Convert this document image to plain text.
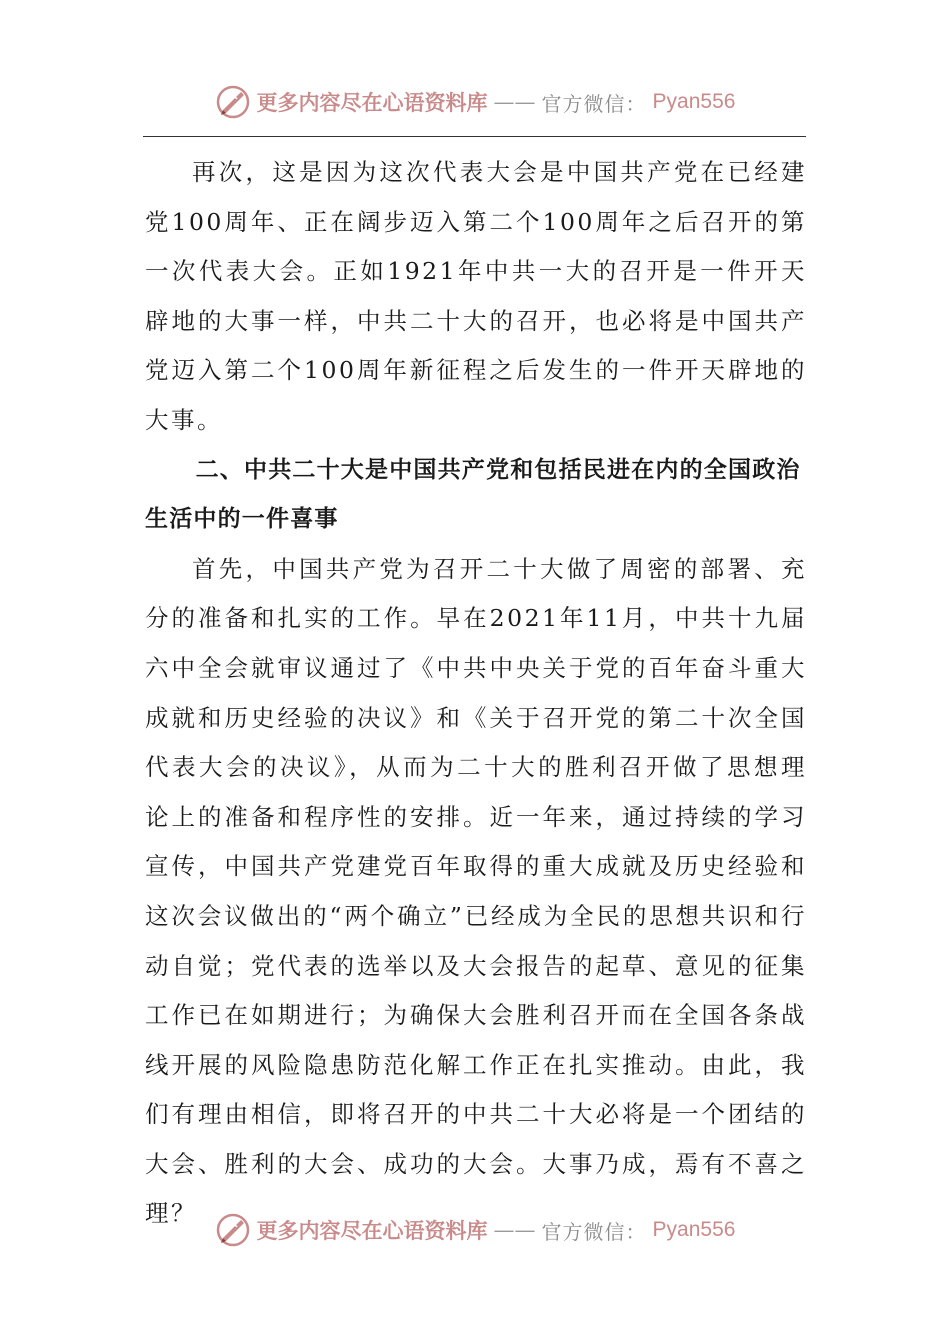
更多内容尽在心语资料库 —— 官方微信： Pyan556

再次，这是因为这次代表大会是中国共产党在已经建党100周年、正在阔步迈入第二个100周年之后召开的第一次代表大会。正如1921年中共一大的召开是一件开天辟地的大事一样，中共二十大的召开，也必将是中国共产党迈入第二个100周年新征程之后发生的一件开天辟地的大事。

二、中共二十大是中国共产党和包括民进在内的全国政治生活中的一件喜事

首先，中国共产党为召开二十大做了周密的部署、充分的准备和扎实的工作。早在2021年11月，中共十九届六中全会就审议通过了《中共中央关于党的百年奋斗重大成就和历史经验的决议》和《关于召开党的第二十次全国代表大会的决议》，从而为二十大的胜利召开做了思想理论上的准备和程序性的安排。近一年来，通过持续的学习宣传，中国共产党建党百年取得的重大成就及历史经验和这次会议做出的“两个确立”已经成为全民的思想共识和行动自觉；党代表的选举以及大会报告的起草、意见的征集工作已在如期进行；为确保大会胜利召开而在全国各条战线开展的风险隐患防范化解工作正在扎实推动。由此，我们有理由相信，即将召开的中共二十大必将是一个团结的大会、胜利的大会、成功的大会。大事乃成，焉有不喜之理？

更多内容尽在心语资料库 —— 官方微信： Pyan556
